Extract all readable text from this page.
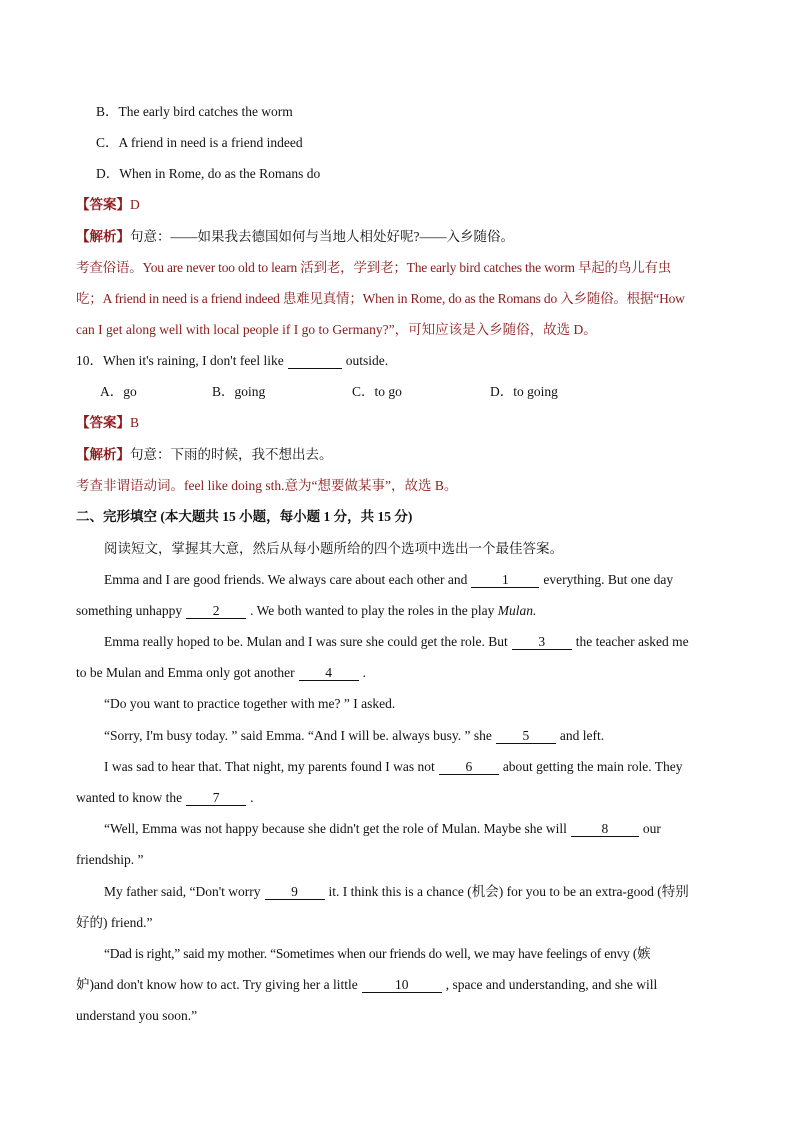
B．The early bird catches the worm
C．A friend in need is a friend indeed
D．When in Rome, do as the Romans do
【答案】D
【解析】句意：——如果我去德国如何与当地人相处好呢?——入乡随俗。
考查俗语。You are never too old to learn 活到老，学到老；The early bird catches the worm 早起的鸟儿有虫
吃；A friend in need is a friend indeed 患难见真情；When in Rome, do as the Romans do 入乡随俗。根据“How
can I get along well with local people if I go to Germany?”，可知应该是入乡随俗，故选 D。
10．When it's raining, I don't feel like	outside.
A．go	B．going	C．to go	D．to going
【答案】B
【解析】句意：下雨的时候，我不想出去。
考查非谓语动词。feel like doing sth.意为“想要做某事”，故选 B。
二、完形填空 (本大题共 15 小题，每小题 1 分，共 15 分)
阅读短文，掌握其大意，然后从每小题所给的四个选项中选出一个最佳答案。
Emma and I are good friends. We always care about each other and	1	everything. But one day
something unhappy 2 . We both wanted to play the roles in the play Mulan.
Emma really hoped to be. Mulan and I was sure she could get the role. But 3 the teacher asked me
to be Mulan and Emma only got another 4 .
“Do you want to practice together with me? ” I asked.
“Sorry, I'm busy today. ” said Emma. “And I will be. always busy. ” she 5 and left.
I was sad to hear that. That night, my parents found I was not 6 about getting the main role. They
wanted to know the 7 .
“Well, Emma was not happy because she didn't get the role of Mulan. Maybe she will	8	our
friendship. ”
My father said, “Don't worry 9 it. I think this is a chance (机会) for you to be an extra-good (特别
好的) friend.”
“Dad is right,” said my mother. “Sometimes when our friends do well, we may have feelings of envy (嫉
妒)and don't know how to act. Try giving her a little	10	, space and understanding, and she will
understand you soon.”
